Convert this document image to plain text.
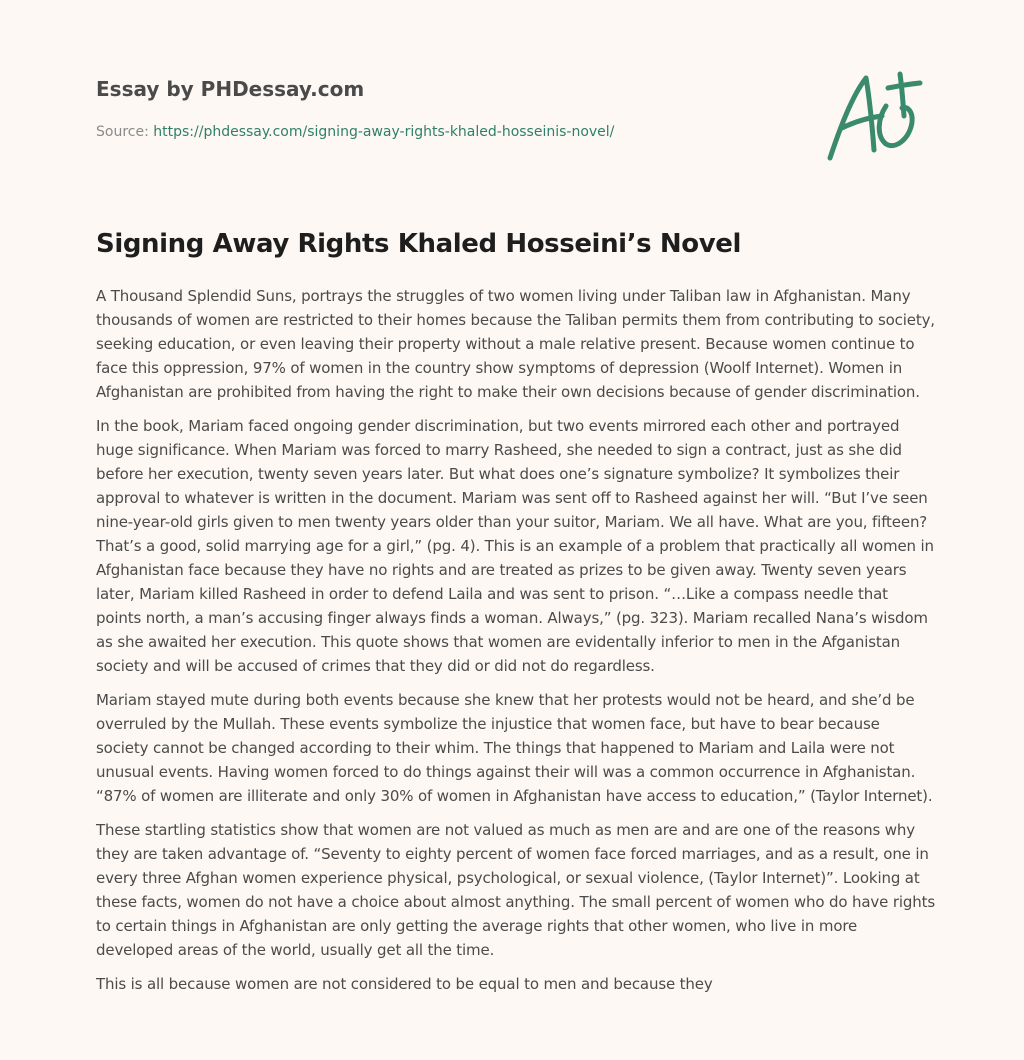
Essay by PHDessay.com

Source: https://phdessay.com/signing-away-rights-khaled-hosseinis-novel/
Signing Away Rights Khaled Hosseini’s Novel

A Thousand Splendid Suns, portrays the struggles of two women living under Taliban law in Afghanistan. Many thousands of women are restricted to their homes because the Taliban permits them from contributing to society, seeking education, or even leaving their property without a male relative present. Because women continue to face this oppression, 97% of women in the country show symptoms of depression (Woolf Internet). Women in Afghanistan are prohibited from having the right to make their own decisions because of gender discrimination.

In the book, Mariam faced ongoing gender discrimination, but two events mirrored each other and portrayed huge significance. When Mariam was forced to marry Rasheed, she needed to sign a contract, just as she did before her execution, twenty seven years later. But what does one’s signature symbolize? It symbolizes their approval to whatever is written in the document. Mariam was sent off to Rasheed against her will. “But I’ve seen nine-year-old girls given to men twenty years older than your suitor, Mariam. We all have. What are you, fifteen? That’s a good, solid marrying age for a girl,” (pg. 4). This is an example of a problem that practically all women in Afghanistan face because they have no rights and are treated as prizes to be given away. Twenty seven years later, Mariam killed Rasheed in order to defend Laila and was sent to prison. “…Like a compass needle that points north, a man’s accusing finger always finds a woman. Always,” (pg. 323). Mariam recalled Nana’s wisdom as she awaited her execution. This quote shows that women are evidentally inferior to men in the Afganistan society and will be accused of crimes that they did or did not do regardless.

Mariam stayed mute during both events because she knew that her protests would not be heard, and she’d be overruled by the Mullah. These events symbolize the injustice that women face, but have to bear because society cannot be changed according to their whim. The things that happened to Mariam and Laila were not unusual events. Having women forced to do things against their will was a common occurrence in Afghanistan. “87% of women are illiterate and only 30% of women in Afghanistan have access to education,” (Taylor Internet).

These startling statistics show that women are not valued as much as men are and are one of the reasons why they are taken advantage of. “Seventy to eighty percent of women face forced marriages, and as a result, one in every three Afghan women experience physical, psychological, or sexual violence, (Taylor Internet)”. Looking at these facts, women do not have a choice about almost anything. The small percent of women who do have rights to certain things in Afghanistan are only getting the average rights that other women, who live in more developed areas of the world, usually get all the time.

This is all because women are not considered to be equal to men and because they
